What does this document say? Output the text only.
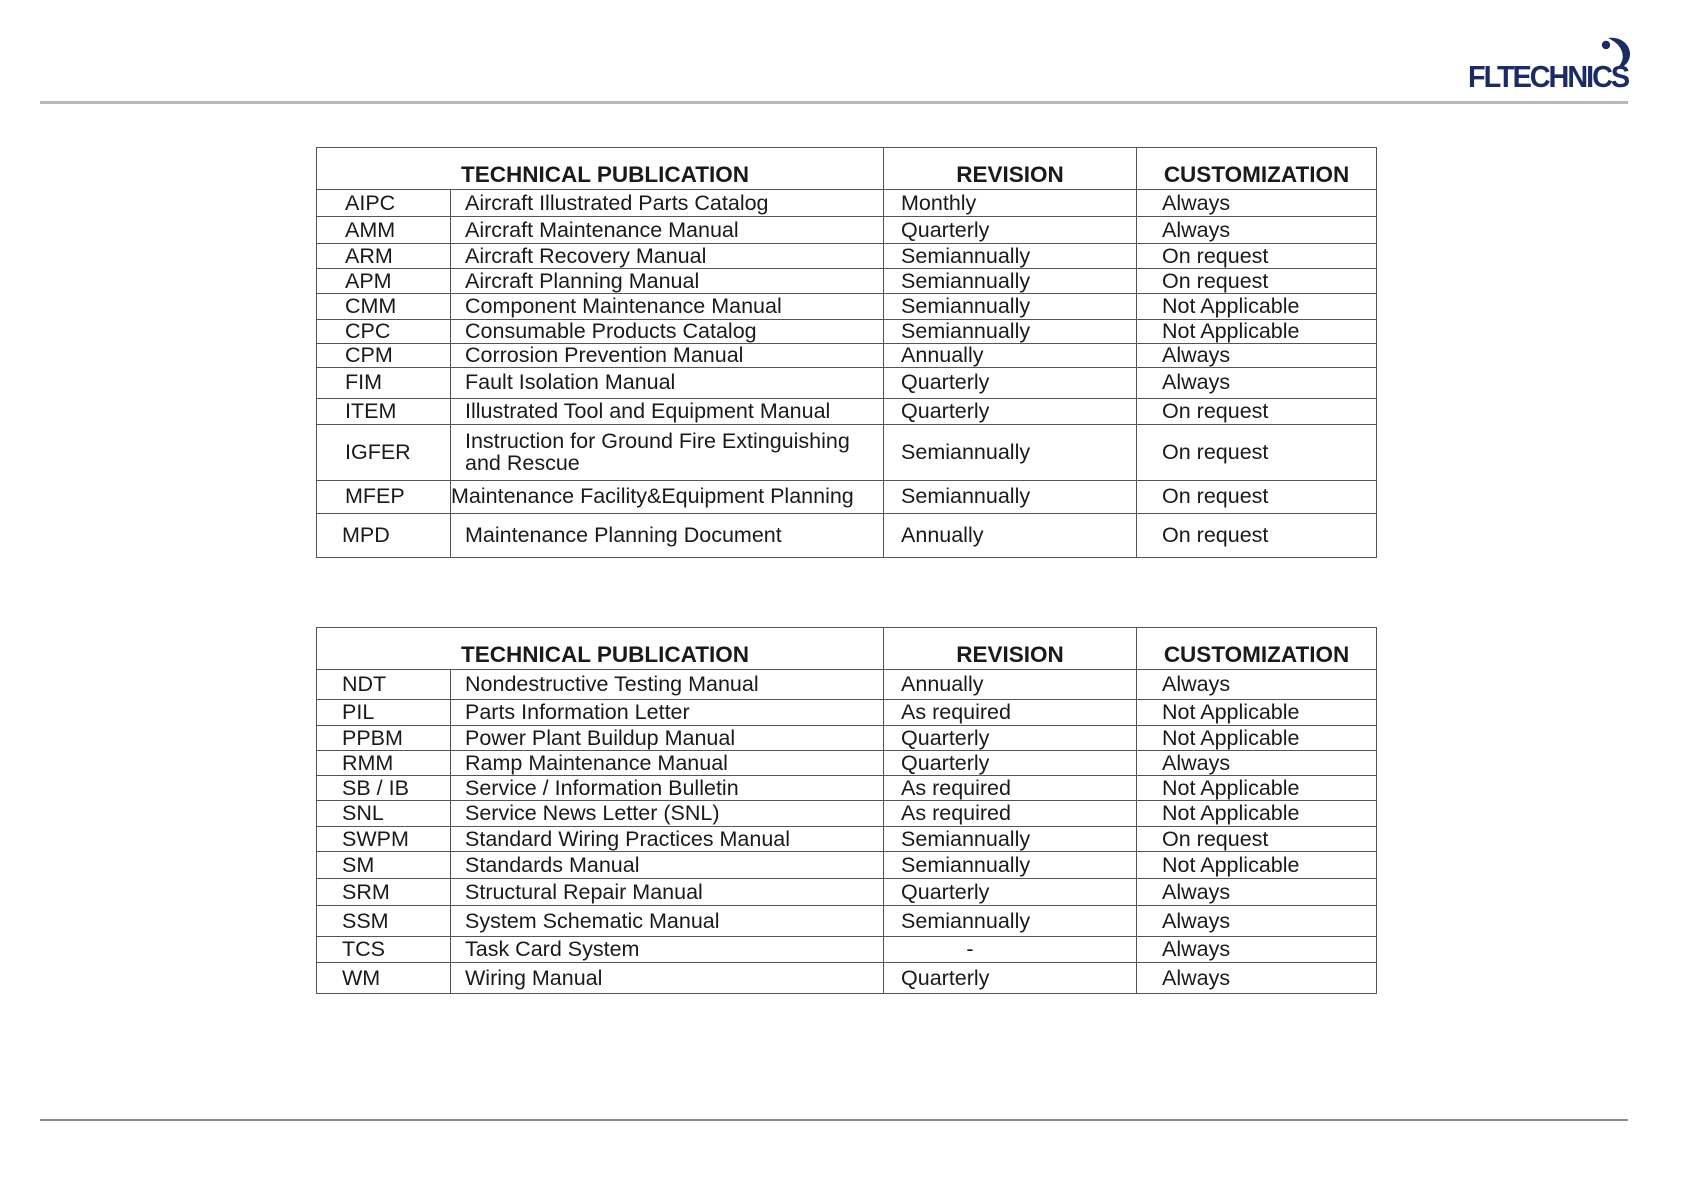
FLTECHNICS
TECHNICAL PUBLICATION		REVISION	CUSTOMIZATION
AIPC	Aircraft Illustrated Parts Catalog	Monthly	Always
AMM	Aircraft Maintenance Manual	Quarterly	Always
ARM	Aircraft Recovery Manual	Semiannually	On request
APM	Aircraft Planning Manual	Semiannually	On request
CMM	Component Maintenance Manual	Semiannually	Not Applicable
CPC	Consumable Products Catalog	Semiannually	Not Applicable
CPM	Corrosion Prevention Manual	Annually	Always
FIM	Fault Isolation Manual	Quarterly	Always
ITEM	Illustrated Tool and Equipment Manual	Quarterly	On request
IGFER	Instruction for Ground Fire Extinguishing and Rescue	Semiannually	On request
MFEP	Maintenance Facility&Equipment Planning	Semiannually	On request
MPD	Maintenance Planning Document	Annually	On request
TECHNICAL PUBLICATION		REVISION	CUSTOMIZATION
NDT	Nondestructive Testing Manual	Annually	Always
PIL	Parts Information Letter	As required	Not Applicable
PPBM	Power Plant Buildup Manual	Quarterly	Not Applicable
RMM	Ramp Maintenance Manual	Quarterly	Always
SB / IB	Service / Information Bulletin	As required	Not Applicable
SNL	Service News Letter (SNL)	As required	Not Applicable
SWPM	Standard Wiring Practices Manual	Semiannually	On request
SM	Standards Manual	Semiannually	Not Applicable
SRM	Structural Repair Manual	Quarterly	Always
SSM	System Schematic Manual	Semiannually	Always
TCS	Task Card System	-	Always
WM	Wiring Manual	Quarterly	Always
